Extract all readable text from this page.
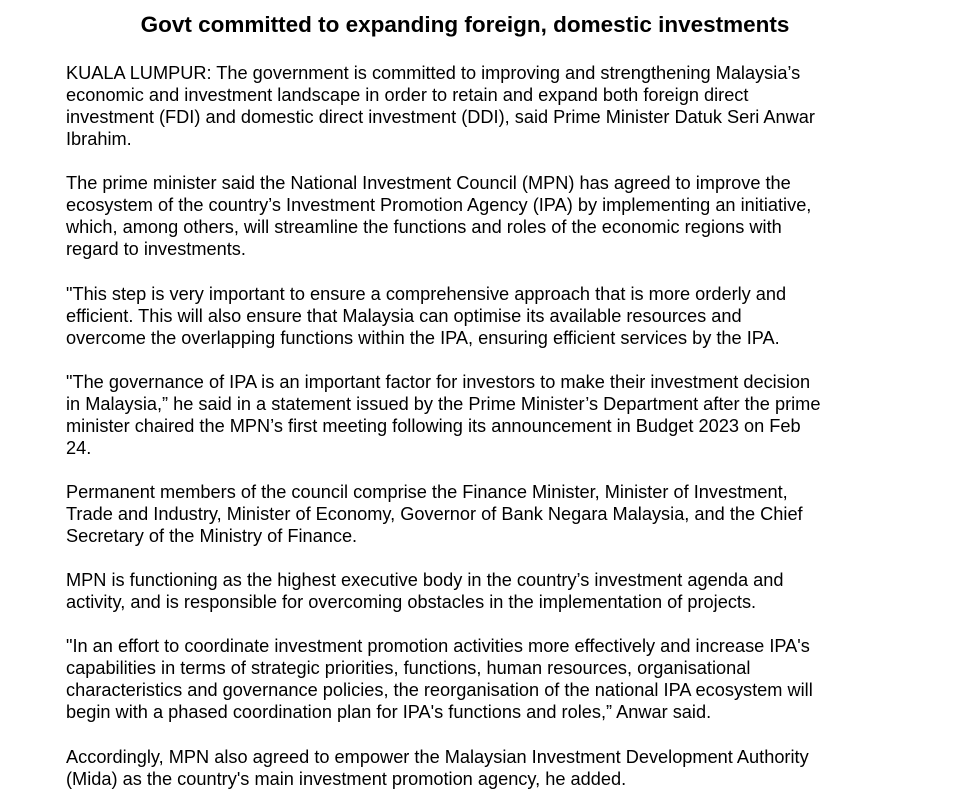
Govt committed to expanding foreign, domestic investments

KUALA LUMPUR: The government is committed to improving and strengthening Malaysia’s
economic and investment landscape in order to retain and expand both foreign direct
investment (FDI) and domestic direct investment (DDI), said Prime Minister Datuk Seri Anwar
Ibrahim.

The prime minister said the National Investment Council (MPN) has agreed to improve the
ecosystem of the country’s Investment Promotion Agency (IPA) by implementing an initiative,
which, among others, will streamline the functions and roles of the economic regions with
regard to investments.

"This step is very important to ensure a comprehensive approach that is more orderly and
efficient. This will also ensure that Malaysia can optimise its available resources and
overcome the overlapping functions within the IPA, ensuring efficient services by the IPA.

"The governance of IPA is an important factor for investors to make their investment decision
in Malaysia,” he said in a statement issued by the Prime Minister’s Department after the prime
minister chaired the MPN’s first meeting following its announcement in Budget 2023 on Feb
24.

Permanent members of the council comprise the Finance Minister, Minister of Investment,
Trade and Industry, Minister of Economy, Governor of Bank Negara Malaysia, and the Chief
Secretary of the Ministry of Finance.

MPN is functioning as the highest executive body in the country’s investment agenda and
activity, and is responsible for overcoming obstacles in the implementation of projects.

"In an effort to coordinate investment promotion activities more effectively and increase IPA's
capabilities in terms of strategic priorities, functions, human resources, organisational
characteristics and governance policies, the reorganisation of the national IPA ecosystem will
begin with a phased coordination plan for IPA's functions and roles,” Anwar said.

Accordingly, MPN also agreed to empower the Malaysian Investment Development Authority
(Mida) as the country's main investment promotion agency, he added.
